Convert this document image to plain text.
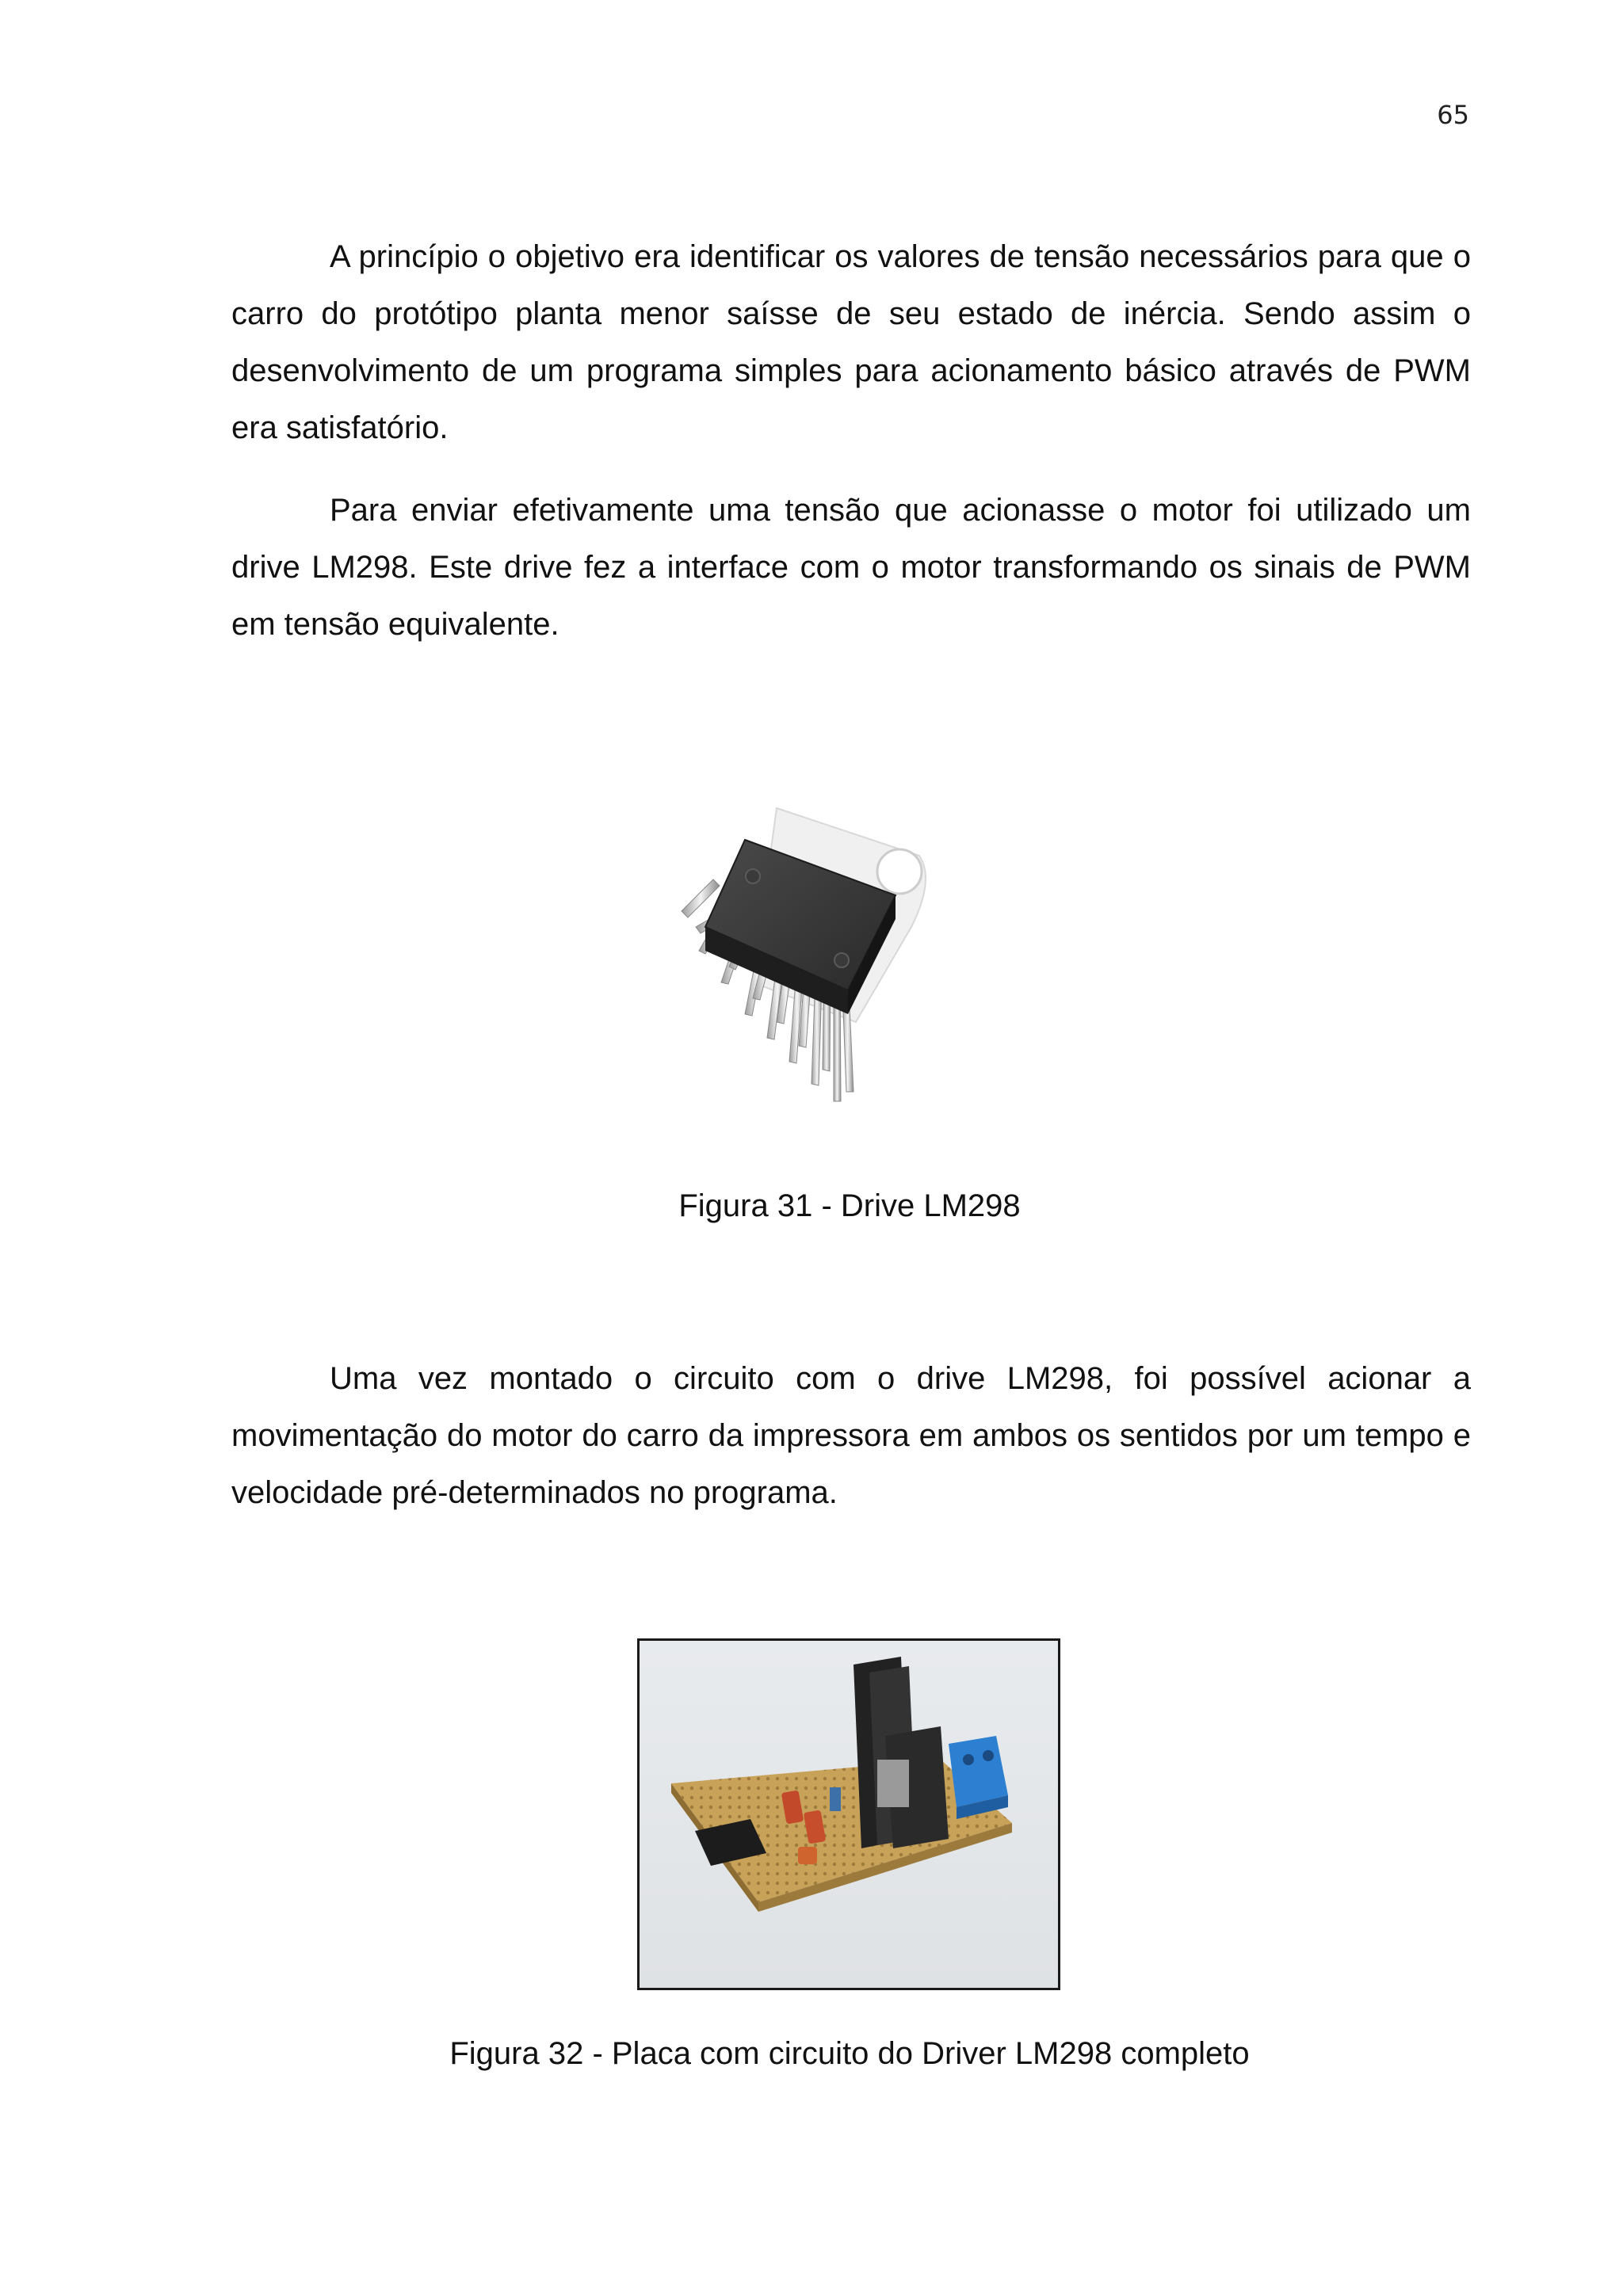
65

A princípio o objetivo era identificar os valores de tensão necessários para que o carro do protótipo planta menor saísse de seu estado de inércia. Sendo assim o desenvolvimento de um programa simples para acionamento básico através de PWM era satisfatório.

Para enviar efetivamente uma tensão que acionasse o motor foi utilizado um drive LM298. Este drive fez a interface com o motor transformando os sinais de PWM em tensão equivalente.

Figura 31 - Drive LM298

Uma vez montado o circuito com o drive LM298, foi possível acionar a movimentação do motor do carro da impressora em ambos os sentidos por um tempo e velocidade pré-determinados no programa.

Figura 32 - Placa com circuito do Driver LM298 completo
